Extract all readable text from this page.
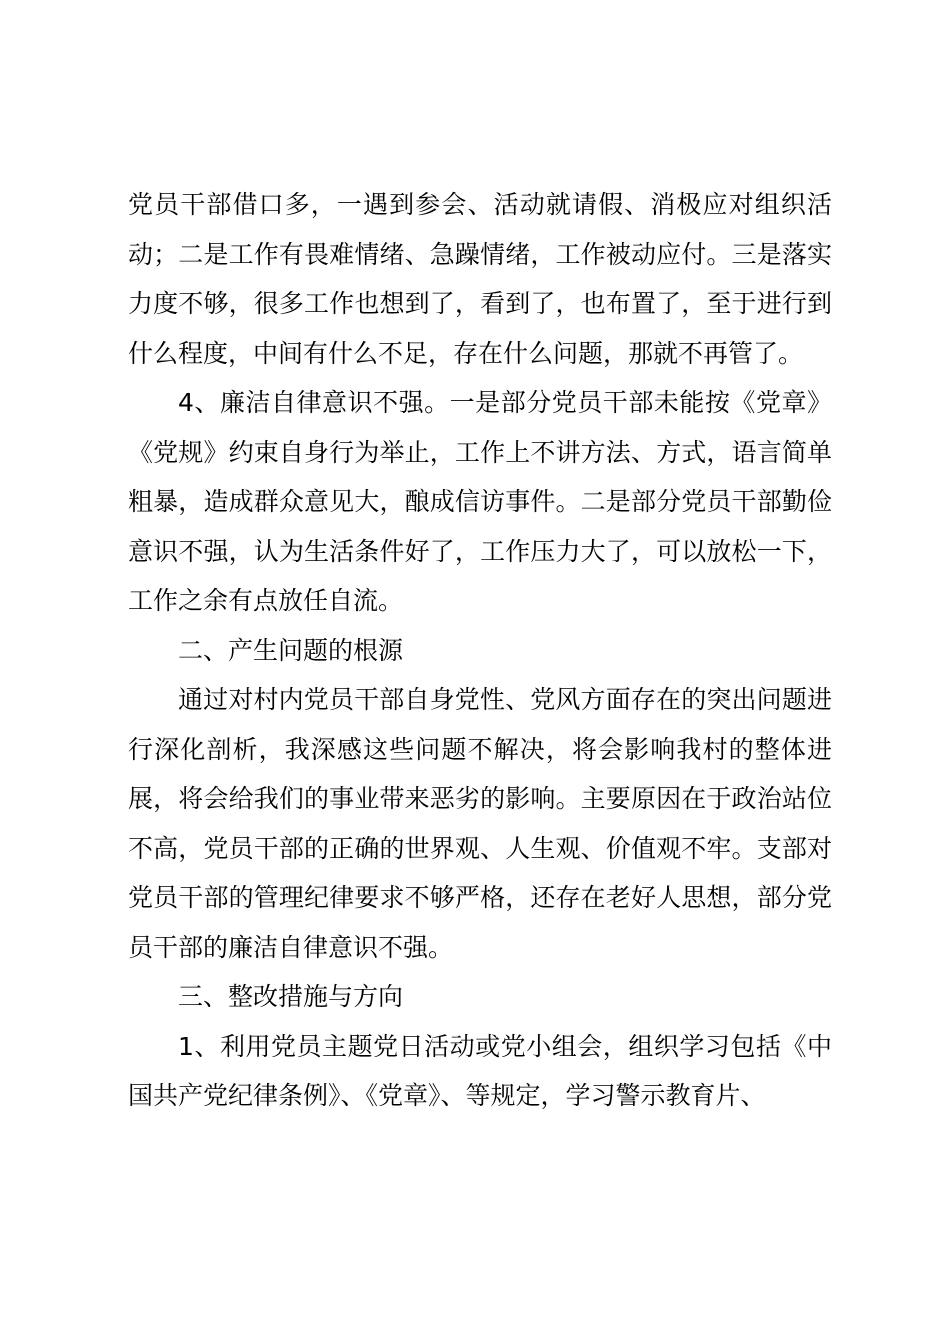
党员干部借口多，一遇到参会、活动就请假、消极应对组织活动；二是工作有畏难情绪、急躁情绪，工作被动应付。三是落实力度不够，很多工作也想到了，看到了，也布置了，至于进行到什么程度，中间有什么不足，存在什么问题，那就不再管了。

4、廉洁自律意识不强。一是部分党员干部未能按《党章》《党规》约束自身行为举止，工作上不讲方法、方式，语言简单粗暴，造成群众意见大，酿成信访事件。二是部分党员干部勤俭意识不强，认为生活条件好了，工作压力大了，可以放松一下，工作之余有点放任自流。

二、产生问题的根源

通过对村内党员干部自身党性、党风方面存在的突出问题进行深化剖析，我深感这些问题不解决，将会影响我村的整体进展，将会给我们的事业带来恶劣的影响。主要原因在于政治站位不高，党员干部的正确的世界观、人生观、价值观不牢。支部对党员干部的管理纪律要求不够严格，还存在老好人思想，部分党员干部的廉洁自律意识不强。

三、整改措施与方向

1、利用党员主题党日活动或党小组会，组织学习包括《中国共产党纪律条例》、《党章》、等规定，学习警示教育片、
